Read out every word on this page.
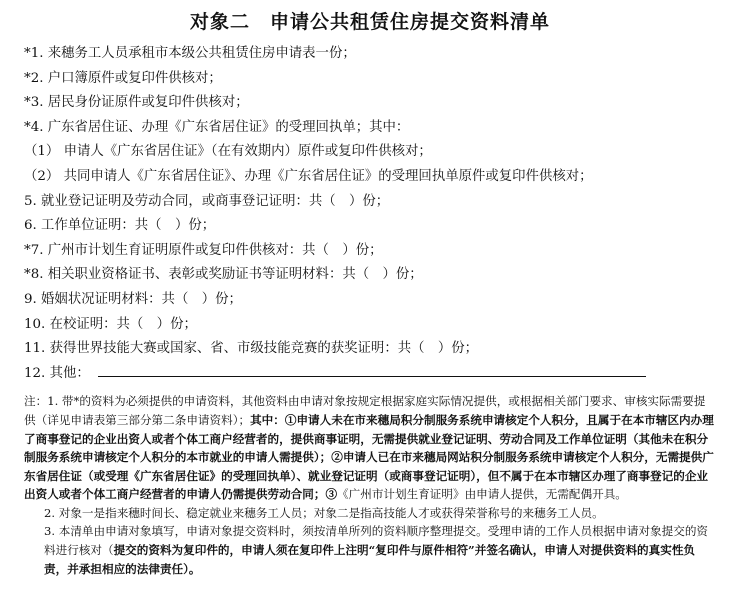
对象二　申请公共租赁住房提交资料清单
*1. 来穗务工人员承租市本级公共租赁住房申请表一份；
*2. 户口簿原件或复印件供核对；
*3. 居民身份证原件或复印件供核对；
*4. 广东省居住证、办理《广东省居住证》的受理回执单；其中：
（1） 申请人《广东省居住证》（在有效期内）原件或复印件供核对；
（2） 共同申请人《广东省居住证》、办理《广东省居住证》的受理回执单原件或复印件供核对；
5. 就业登记证明及劳动合同，或商事登记证明：共（　）份；
6. 工作单位证明：共（　）份；
*7. 广州市计划生育证明原件或复印件供核对：共（　）份；
*8. 相关职业资格证书、表彰或奖励证书等证明材料：共（　）份；
9. 婚姻状况证明材料：共（　）份；
10. 在校证明：共（　）份；
11. 获得世界技能大赛或国家、省、市级技能竞赛的获奖证明：共（　）份；
12. 其他：

注：1. 带*的资料为必须提供的申请资料，其他资料由申请对象按规定根据家庭实际情况提供，或根据相关部门要求、审核实际需要提供（详见申请表第三部分第二条申请资料）；其中：①申请人未在市来穗局积分制服务系统申请核定个人积分，且属于在本市辖区内办理了商事登记的企业出资人或者个体工商户经营者的，提供商事证明，无需提供就业登记证明、劳动合同及工作单位证明（其他未在积分制服务系统申请核定个人积分的本市就业的申请人需提供）；②申请人已在市来穗局网站积分制服务系统申请核定个人积分，无需提供广东省居住证（或受理《广东省居住证》的受理回执单）、就业登记证明（或商事登记证明），但不属于在本市辖区办理了商事登记的企业出资人或者个体工商户经营者的申请人仍需提供劳动合同；③《广州市计划生育证明》由申请人提供，无需配偶开具。

2. 对象一是指来穗时间长、稳定就业来穗务工人员；对象二是指高技能人才或获得荣誉称号的来穗务工人员。

3. 本清单由申请对象填写，申请对象提交资料时，须按清单所列的资料顺序整理提交。受理申请的工作人员根据申请对象提交的资料进行核对（提交的资料为复印件的，申请人须在复印件上注明“复印件与原件相符”并签名确认，申请人对提供资料的真实性负责，并承担相应的法律责任）。
